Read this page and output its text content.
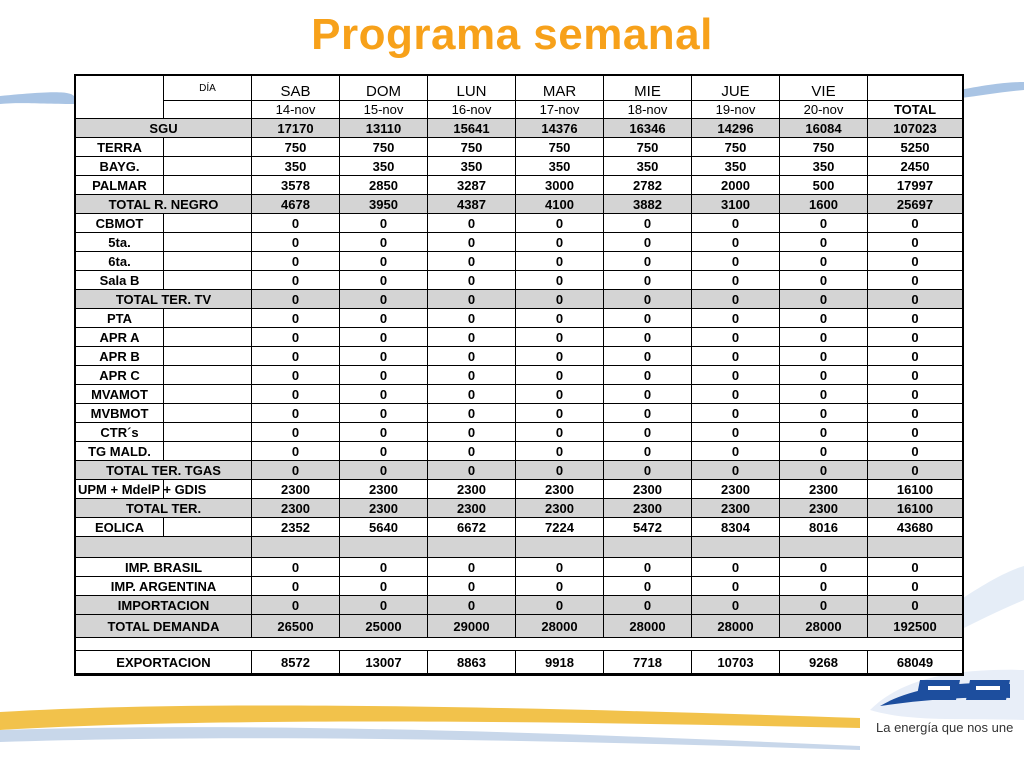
Programa semanal
	DÍA	SAB	DOM	LUN	MAR	MIE	JUE	VIE	
		14-nov	15-nov	16-nov	17-nov	18-nov	19-nov	20-nov	TOTAL
SGU		17170	13110	15641	14376	16346	14296	16084	107023
TERRA		750	750	750	750	750	750	750	5250
BAYG.		350	350	350	350	350	350	350	2450
PALMAR		3578	2850	3287	3000	2782	2000	500	17997
TOTAL R. NEGRO		4678	3950	4387	4100	3882	3100	1600	25697
CBMOT		0	0	0	0	0	0	0	0
5ta.		0	0	0	0	0	0	0	0
6ta.		0	0	0	0	0	0	0	0
Sala B		0	0	0	0	0	0	0	0
TOTAL TER. TV		0	0	0	0	0	0	0	0
PTA		0	0	0	0	0	0	0	0
APR A		0	0	0	0	0	0	0	0
APR B		0	0	0	0	0	0	0	0
APR C		0	0	0	0	0	0	0	0
MVAMOT		0	0	0	0	0	0	0	0
MVBMOT		0	0	0	0	0	0	0	0
CTR´s		0	0	0	0	0	0	0	0
TG MALD.		0	0	0	0	0	0	0	0
TOTAL TER. TGAS		0	0	0	0	0	0	0	0
UPM + MdelP + GDIS		2300	2300	2300	2300	2300	2300	2300	16100
TOTAL TER.		2300	2300	2300	2300	2300	2300	2300	16100
EOLICA		2352	5640	6672	7224	5472	8304	8016	43680

IMP. BRASIL		0	0	0	0	0	0	0	0
IMP. ARGENTINA		0	0	0	0	0	0	0	0
IMPORTACION		0	0	0	0	0	0	0	0
TOTAL DEMANDA		26500	25000	29000	28000	28000	28000	28000	192500

EXPORTACION		8572	13007	8863	9918	7718	10703	9268	68049
La energía que nos une
